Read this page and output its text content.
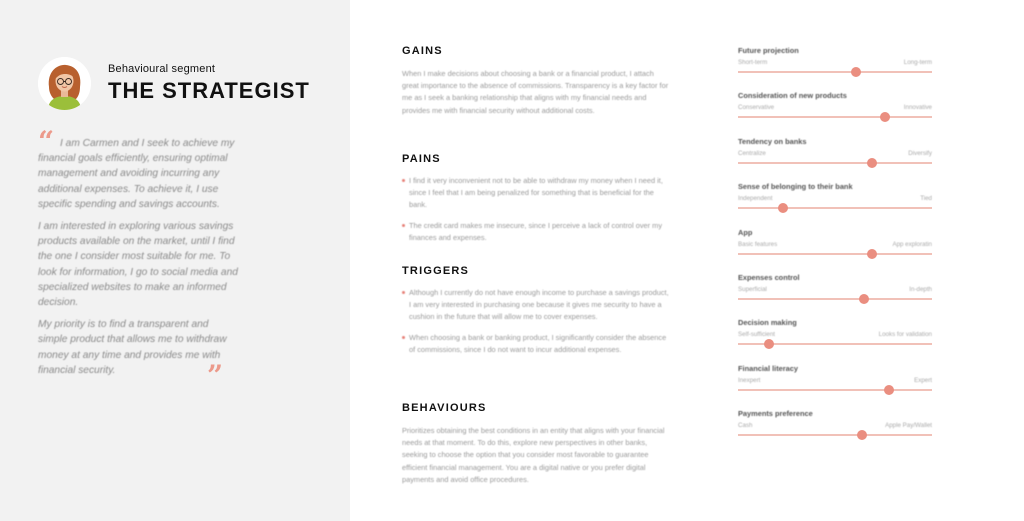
Behavioural segment
THE STRATEGIST
“ I am Carmen and I seek to achieve my financial goals efficiently, ensuring optimal management and avoiding incurring any additional expenses. To achieve it, I use specific spending and savings accounts.

I am interested in exploring various savings products available on the market, until I find the one I consider most suitable for me. To look for information, I go to social media and specialized websites to make an informed decision.

My priority is to find a transparent and simple product that allows me to withdraw money at any time and provides me with financial security.	”
GAINS
When I make decisions about choosing a bank or a financial product, I attach great importance to the absence of commissions. Transparency is a key factor for me as I seek a banking relationship that aligns with my financial needs and provides me with financial security without additional costs.
PAINS
I find it very inconvenient not to be able to withdraw my money when I need it, since I feel that I am being penalized for something that is beneficial for the bank.
The credit card makes me insecure, since I perceive a lack of control over my finances and expenses.
TRIGGERS
Although I currently do not have enough income to purchase a savings product, I am very interested in purchasing one because it gives me security to have a cushion in the future that will allow me to cover expenses.
When choosing a bank or banking product, I significantly consider the absence of commissions, since I do not want to incur additional expenses.
BEHAVIOURS
Prioritizes obtaining the best conditions in an entity that aligns with your financial needs at that moment. To do this, explore new perspectives in other banks, seeking to choose the option that you consider most favorable to guarantee efficient financial management. You are a digital native or you prefer digital payments and avoid office procedures.
Future projection
Short-term	Long-term
Consideration of new products
Conservative	Innovative
Tendency on banks
Centralize	Diversify
Sense of belonging to their bank
Independent	Tied
App
Basic features	App exploratin
Expenses control
Superficial	In-depth
Decision making
Self-sufficient	Looks for validation
Financial literacy
Inexpert	Expert
Payments preference
Cash	Apple Pay/Wallet
